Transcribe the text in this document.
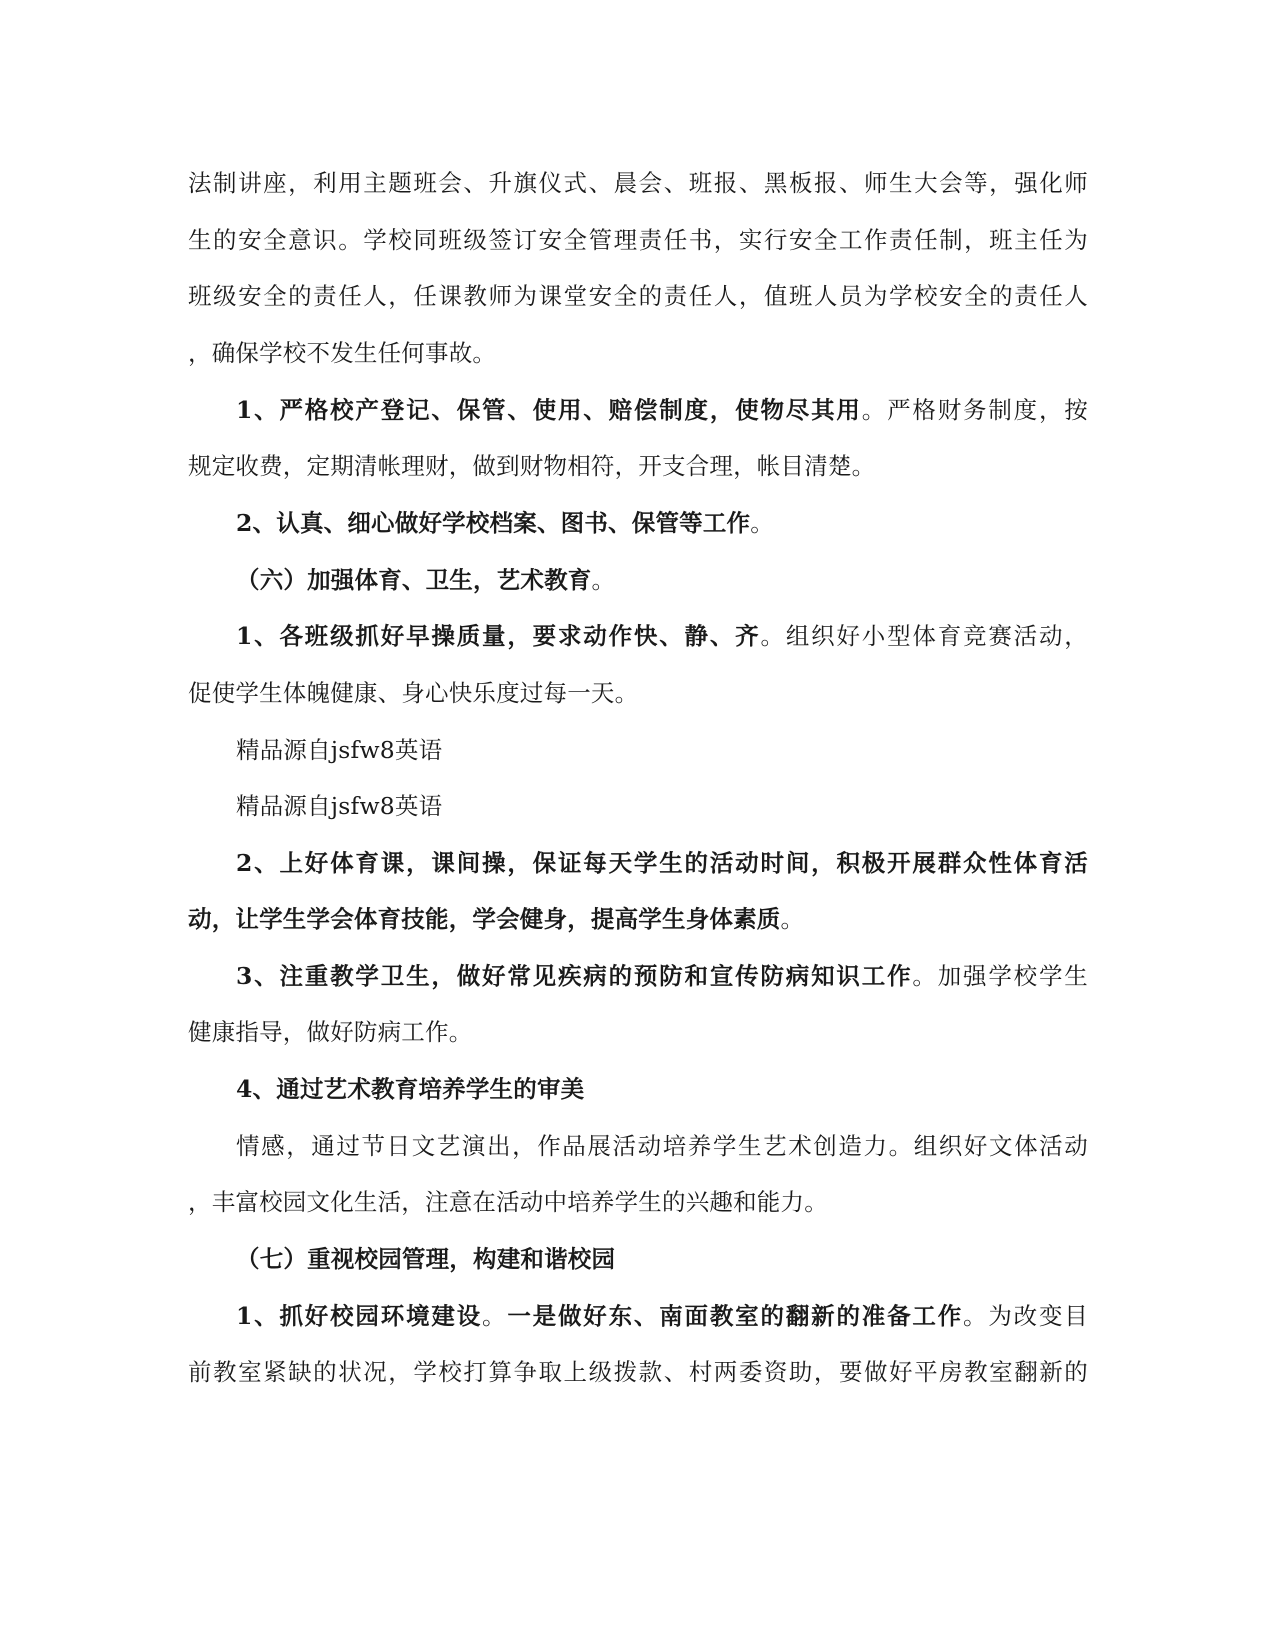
法制讲座，利用主题班会、升旗仪式、晨会、班报、黑板报、师生大会等，强化师
生的安全意识。学校同班级签订安全管理责任书，实行安全工作责任制，班主任为
班级安全的责任人，任课教师为课堂安全的责任人，值班人员为学校安全的责任人
，确保学校不发生任何事故。
1、严格校产登记、保管、使用、赔偿制度，使物尽其用。严格财务制度，按
规定收费，定期清帐理财，做到财物相符，开支合理，帐目清楚。
2、认真、细心做好学校档案、图书、保管等工作。
（六）加强体育、卫生，艺术教育。
1、各班级抓好早操质量，要求动作快、静、齐。组织好小型体育竞赛活动，
促使学生体魄健康、身心快乐度过每一天。
精品源自jsfw8英语
精品源自jsfw8英语
2、上好体育课，课间操，保证每天学生的活动时间，积极开展群众性体育活
动，让学生学会体育技能，学会健身，提高学生身体素质。
3、注重教学卫生，做好常见疾病的预防和宣传防病知识工作。加强学校学生
健康指导，做好防病工作。
4、通过艺术教育培养学生的审美
情感，通过节日文艺演出，作品展活动培养学生艺术创造力。组织好文体活动
，丰富校园文化生活，注意在活动中培养学生的兴趣和能力。
（七）重视校园管理，构建和谐校园
1、抓好校园环境建设。一是做好东、南面教室的翻新的准备工作。为改变目
前教室紧缺的状况，学校打算争取上级拨款、村两委资助，要做好平房教室翻新的
